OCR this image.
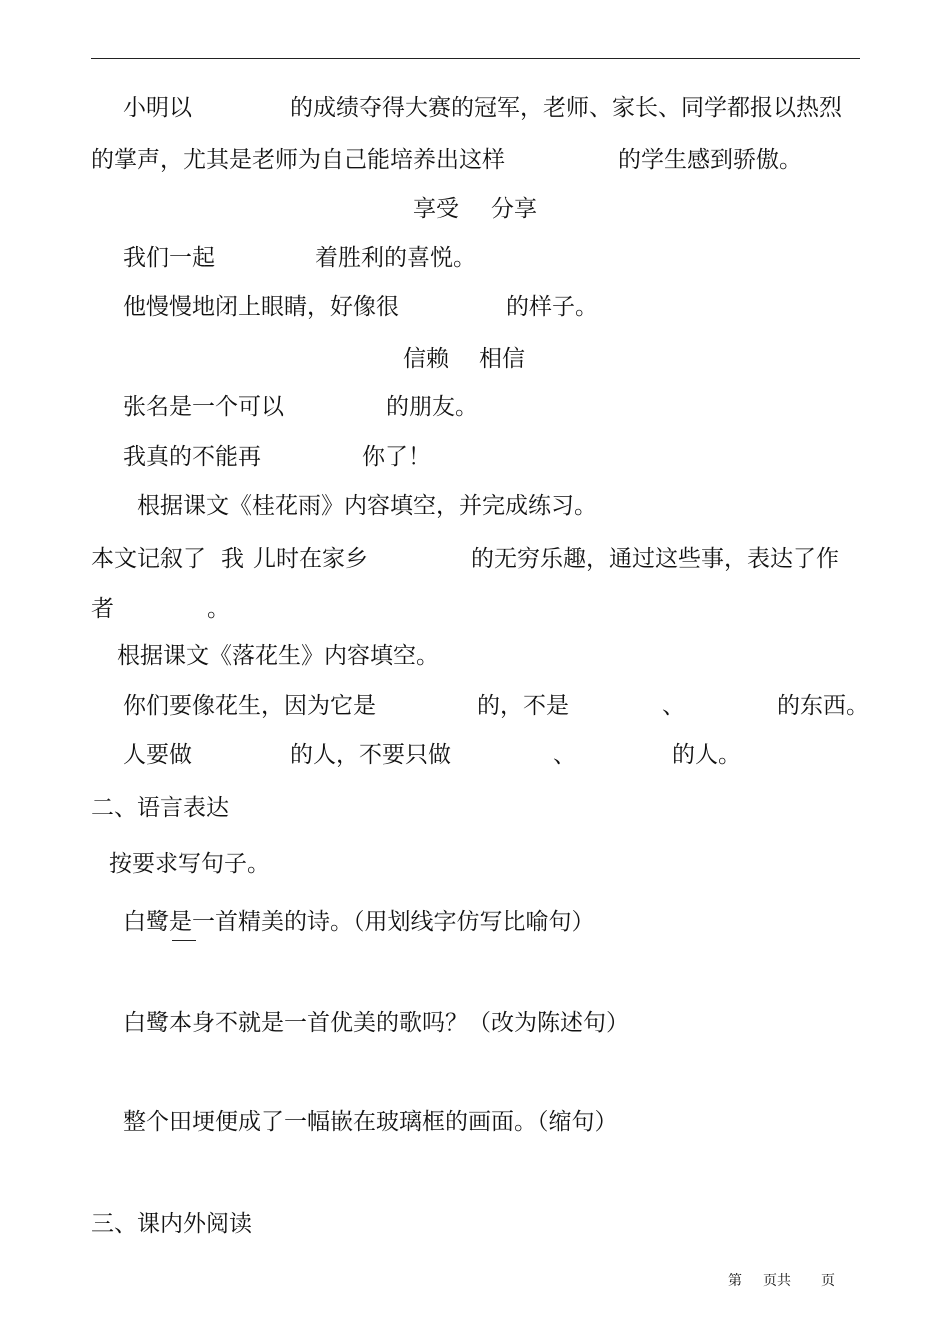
小明以	的成绩夺得大赛的冠军，老师、家长、同学都报以热烈
的掌声，尤其是老师为自己能培养出这样	的学生感到骄傲。
享受 分享
我们一起	着胜利的喜悦。
他慢慢地闭上眼睛，好像很	的样子。
信赖 相信
张名是一个可以	的朋友。
我真的不能再	你了！
根据课文《桂花雨》内容填空，并完成练习。
本文记叙了 我 儿时在家乡	的无穷乐趣，通过这些事，表达了作
者	。
根据课文《落花生》内容填空。
你们要像花生，因为它是	的，不是	、	的东西。
人要做	的人，不要只做	、	的人。
二、语言表达
按要求写句子。
白鹭是一首精美的诗。（用划线字仿写比喻句）
白鹭本身不就是一首优美的歌吗？（改为陈述句）
整个田埂便成了一幅嵌在玻璃框的画面。（缩句）
三、课内外阅读
第 页共 页
